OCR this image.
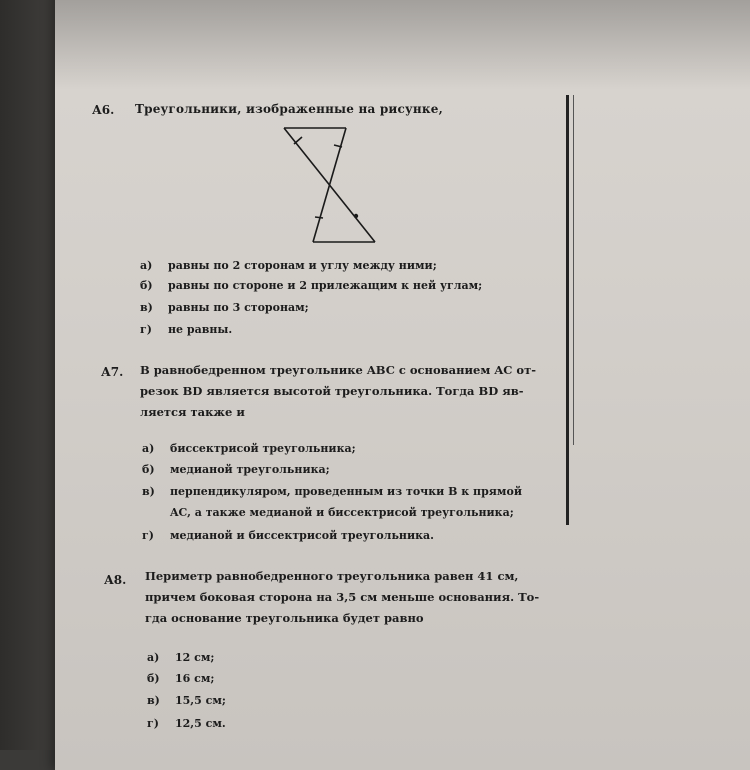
А6. Треугольники, изображенные на рисунке,
а) равны по 2 сторонам и углу между ними;
б) равны по стороне и 2 прилежащим к ней углам;
в) равны по 3 сторонам;
г) не равны.
А7. В равнобедренном треугольнике ABC с основанием AC от-
резок BD является высотой треугольника. Тогда BD яв-
ляется также и
а) биссектрисой треугольника;
б) медианой треугольника;
в) перпендикуляром, проведенным из точки B к прямой
AC, а также медианой и биссектрисой треугольника;
г) медианой и биссектрисой треугольника.
А8. Периметр равнобедренного треугольника равен 41 см,
причем боковая сторона на 3,5 см меньше основания. То-
гда основание треугольника будет равно
а) 12 см;
б) 16 см;
в) 15,5 см;
г) 12,5 см.
